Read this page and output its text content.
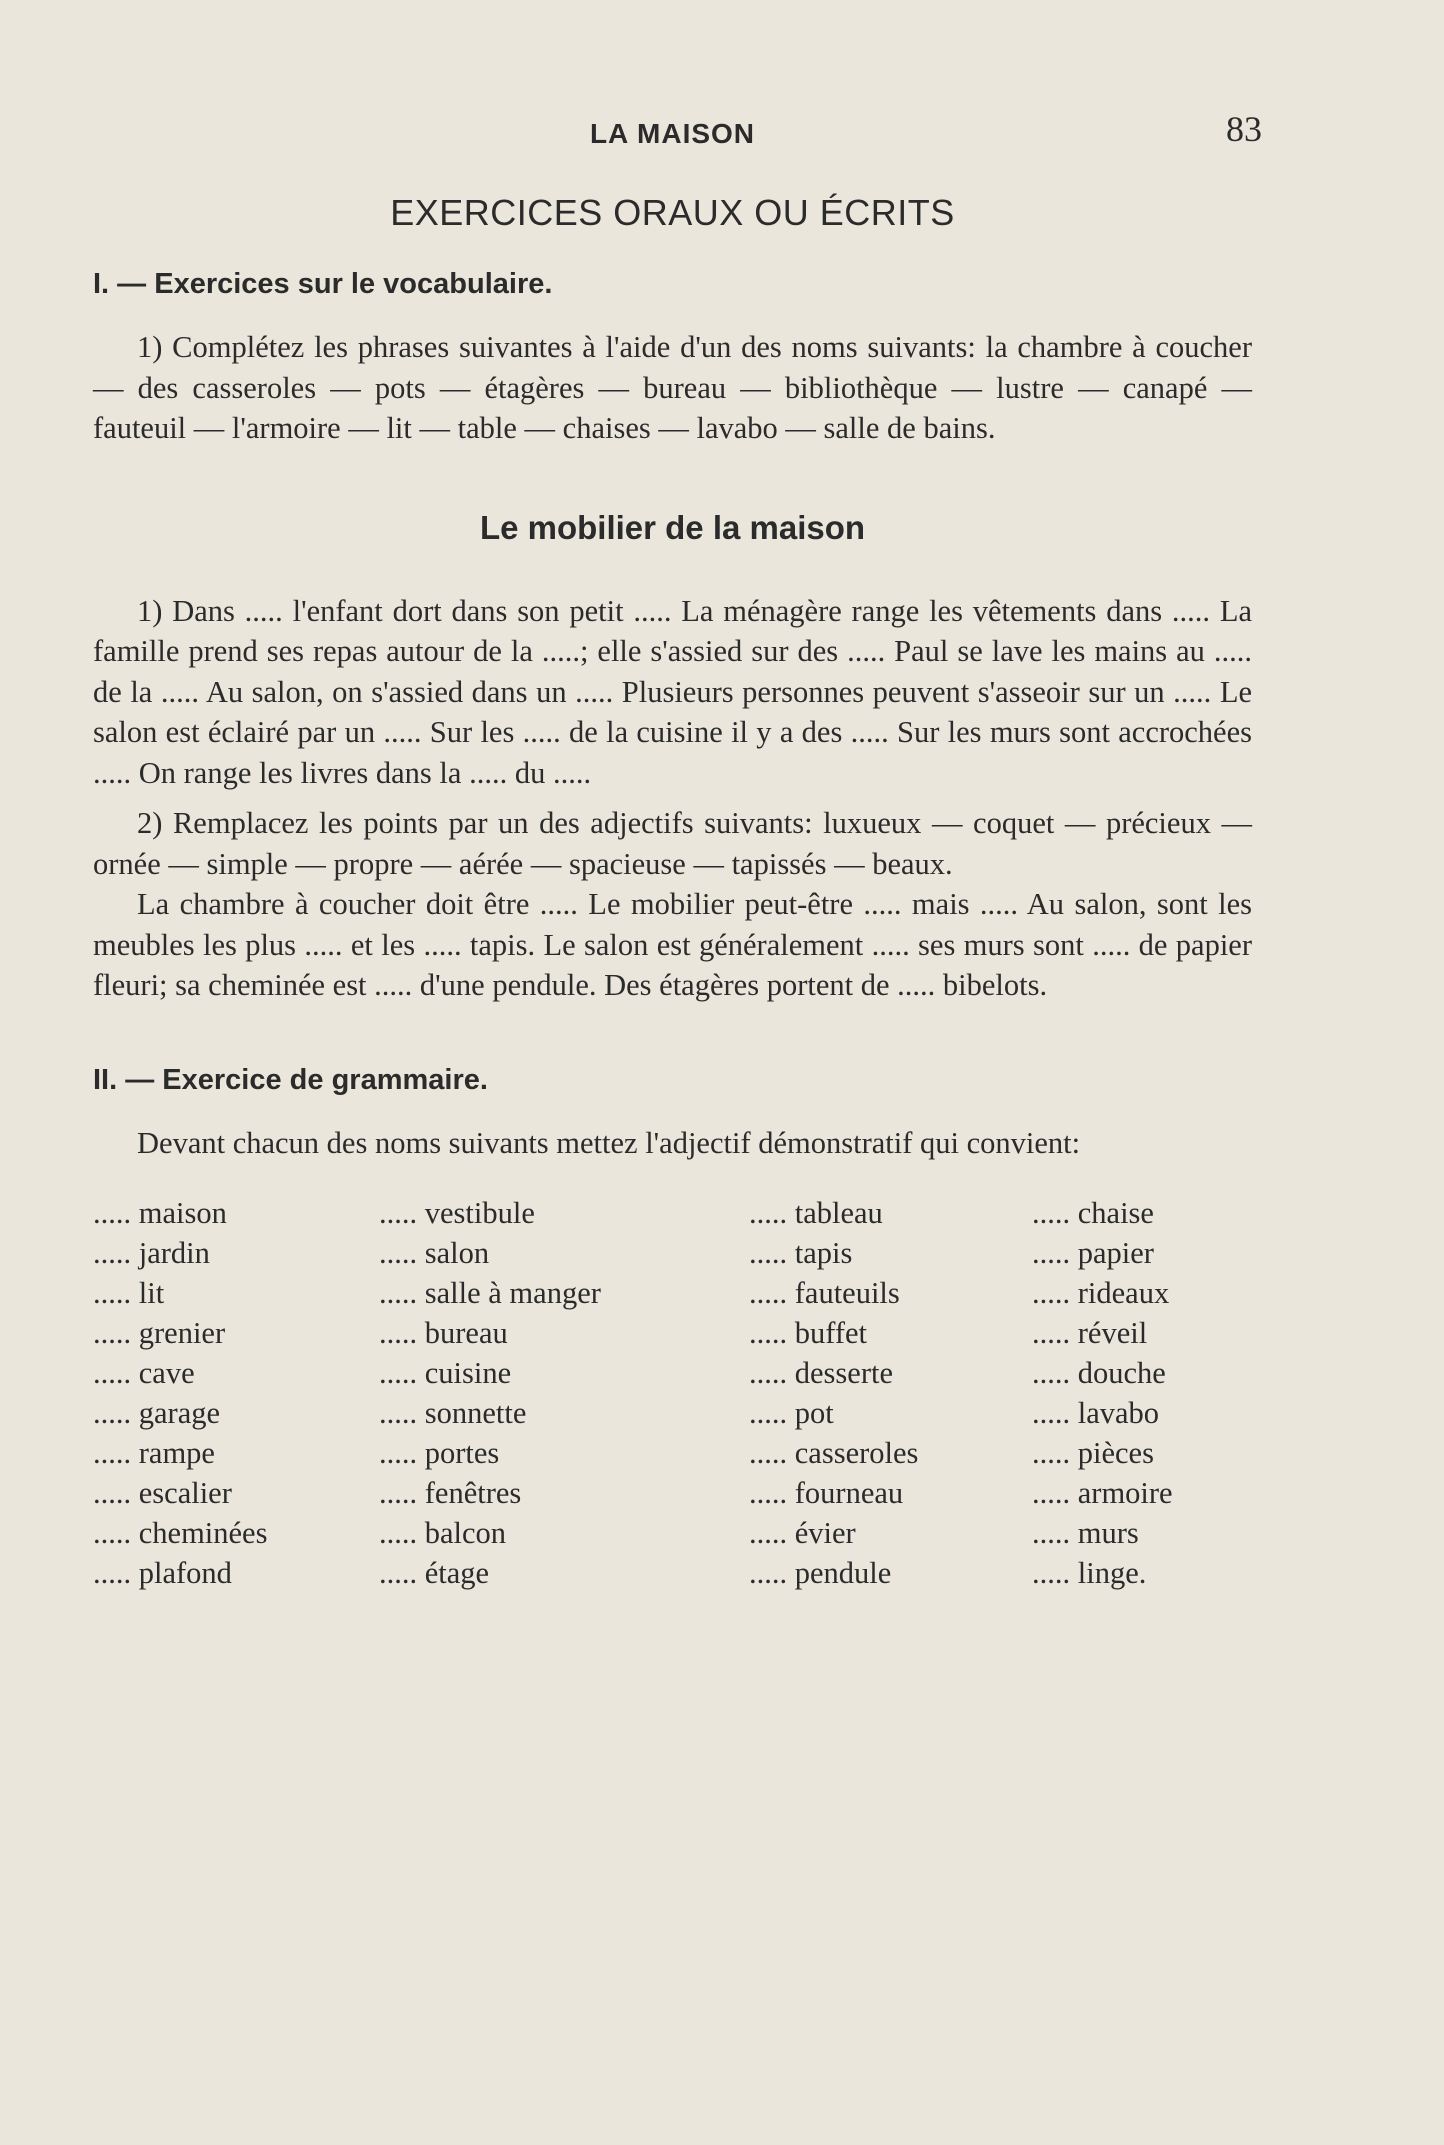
LA MAISON	83
EXERCICES ORAUX OU ÉCRITS
I. — Exercices sur le vocabulaire.

1) Complétez les phrases suivantes à l'aide d'un des noms suivants: la chambre à coucher — des casseroles — pots — étagères — bureau — bibliothèque — lustre — canapé — fauteuil — l'armoire — lit — table — chaises — lavabo — salle de bains.

Le mobilier de la maison

1) Dans ..... l'enfant dort dans son petit ..... La ménagère range les vêtements dans ..... La famille prend ses repas autour de la .....; elle s'assied sur des ..... Paul se lave les mains au ..... de la ..... Au salon, on s'assied dans un ..... Plusieurs personnes peuvent s'asseoir sur un ..... Le salon est éclairé par un ..... Sur les ..... de la cuisine il y a des ..... Sur les murs sont accrochées ..... On range les livres dans la ..... du .....

2) Remplacez les points par un des adjectifs suivants: luxueux — coquet — précieux — ornée — simple — propre — aérée — spacieuse — tapissés — beaux.

La chambre à coucher doit être ..... Le mobilier peut-être ..... mais ..... Au salon, sont les meubles les plus ..... et les ..... tapis. Le salon est généralement ..... ses murs sont ..... de papier fleuri; sa cheminée est ..... d'une pendule. Des étagères portent de ..... bibelots.

II. — Exercice de grammaire.

Devant chacun des noms suivants mettez l'adjectif démonstratif qui convient:

..... maison	..... vestibule	..... tableau	..... chaise
..... jardin	..... salon	..... tapis	..... papier
..... lit	..... salle à manger	..... fauteuils	..... rideaux
..... grenier	..... bureau	..... buffet	..... réveil
..... cave	..... cuisine	..... desserte	..... douche
..... garage	..... sonnette	..... pot	..... lavabo
..... rampe	..... portes	..... casseroles	..... pièces
..... escalier	..... fenêtres	..... fourneau	..... armoire
..... cheminées	..... balcon	..... évier	..... murs
..... plafond	..... étage	..... pendule	..... linge.
